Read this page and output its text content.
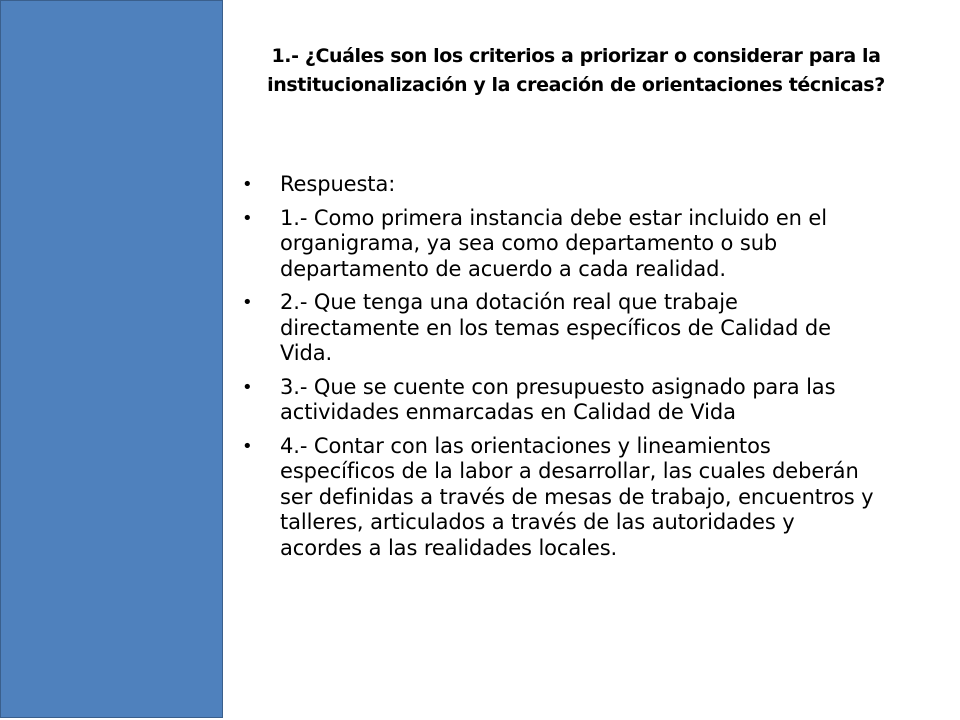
1.- ¿Cuáles son los criterios a priorizar o considerar para la institucionalización y la creación de orientaciones técnicas?
•	Respuesta:
•	1.- Como primera instancia debe estar incluido en el organigrama, ya sea como departamento o sub departamento de acuerdo a cada realidad.
•	2.- Que tenga una dotación real que trabaje directamente en los temas específicos de Calidad de Vida.
•	3.- Que se cuente con presupuesto asignado para las actividades enmarcadas en Calidad de Vida
•	4.- Contar con las orientaciones y lineamientos específicos de la labor a desarrollar, las cuales deberán ser definidas a través de mesas de trabajo, encuentros y talleres, articulados a través de las autoridades y acordes a las realidades locales.
